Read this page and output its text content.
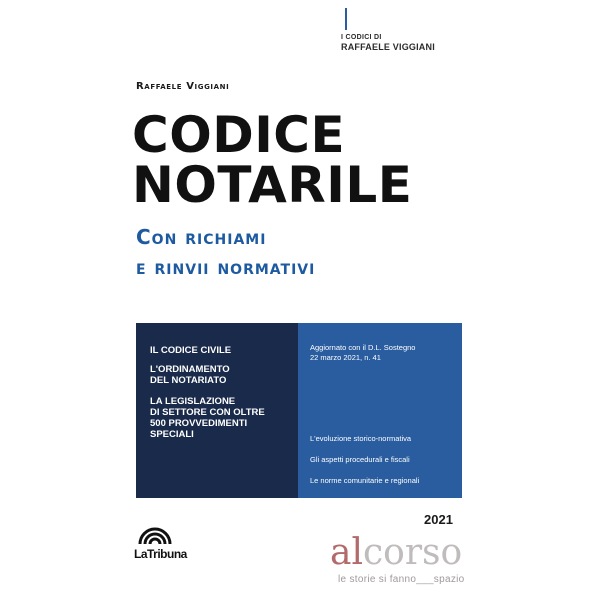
I CODICI DI
RAFFAELE VIGGIANI
Raffaele Viggiani
CODICE
NOTARILE
Con richiami
e rinvii normativi
IL CODICE CIVILE
L'ORDINAMENTO
DEL NOTARIATO
LA LEGISLAZIONE
DI SETTORE CON OLTRE
500 PROVVEDIMENTI
SPECIALI
Aggiornato con il D.L. Sostegno
22 marzo 2021, n. 41
L'evoluzione storico-normativa
Gli aspetti procedurali e fiscali
Le norme comunitarie e regionali
2021
LaTribuna	alcorso
le storie si fanno___spazio
